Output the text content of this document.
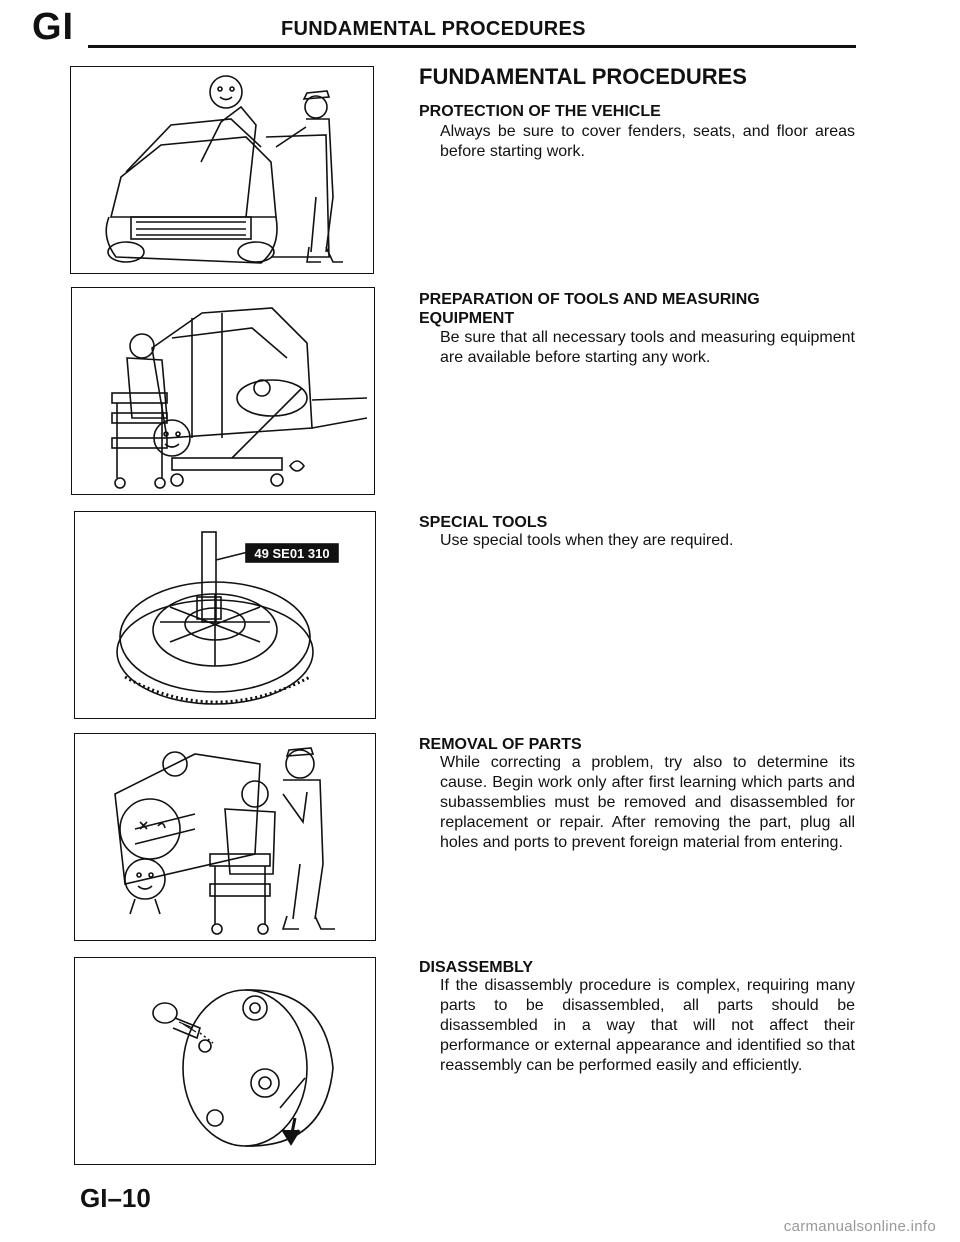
GI	FUNDAMENTAL PROCEDURES
FUNDAMENTAL PROCEDURES
PROTECTION OF THE VEHICLE
Always be sure to cover fenders, seats, and floor areas before starting work.
PREPARATION OF TOOLS AND MEASURING EQUIPMENT
Be sure that all necessary tools and measuring equipment are available before starting any work.
SPECIAL TOOLS
Use special tools when they are required.
REMOVAL OF PARTS
While correcting a problem, try also to determine its cause. Begin work only after first learning which parts and subassemblies must be removed and disassembled for replacement or repair. After removing the part, plug all holes and ports to prevent foreign material from entering.
DISASSEMBLY
If the disassembly procedure is complex, requiring many parts to be disassembled, all parts should be disassembled in a way that will not affect their performance or external appearance and identified so that reassembly can be performed easily and efficiently.
49 SE01 310
GI–10
carmanualsonline.info
